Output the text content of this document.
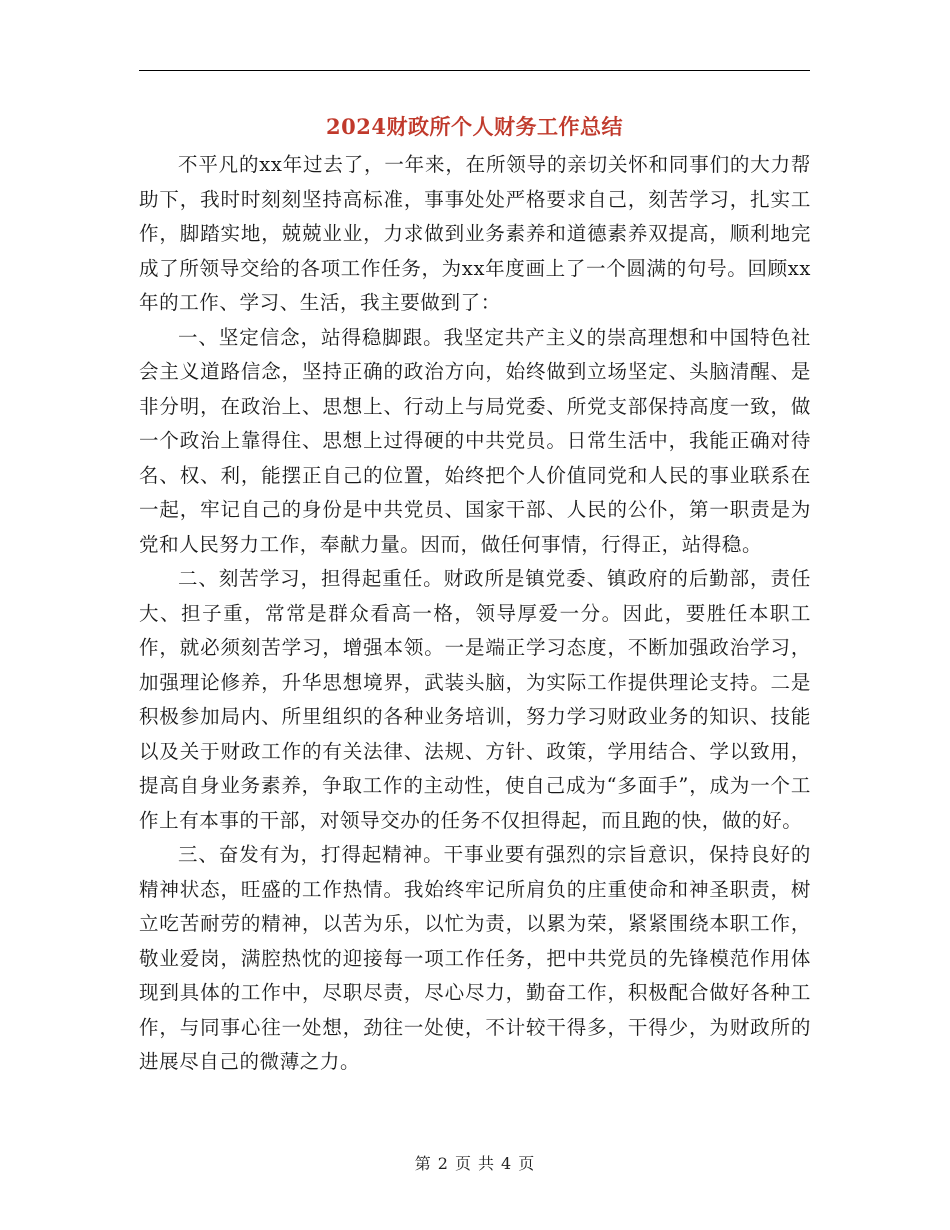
2024财政所个人财务工作总结

不平凡的xx年过去了，一年来，在所领导的亲切关怀和同事们的大力帮助下，我时时刻刻坚持高标准，事事处处严格要求自己，刻苦学习，扎实工作，脚踏实地，兢兢业业，力求做到业务素养和道德素养双提高，顺利地完成了所领导交给的各项工作任务，为xx年度画上了一个圆满的句号。回顾xx年的工作、学习、生活，我主要做到了：

一、坚定信念，站得稳脚跟。我坚定共产主义的崇高理想和中国特色社会主义道路信念，坚持正确的政治方向，始终做到立场坚定、头脑清醒、是非分明，在政治上、思想上、行动上与局党委、所党支部保持高度一致，做一个政治上靠得住、思想上过得硬的中共党员。日常生活中，我能正确对待名、权、利，能摆正自己的位置，始终把个人价值同党和人民的事业联系在一起，牢记自己的身份是中共党员、国家干部、人民的公仆，第一职责是为党和人民努力工作，奉献力量。因而，做任何事情，行得正，站得稳。

二、刻苦学习，担得起重任。财政所是镇党委、镇政府的后勤部，责任大、担子重，常常是群众看高一格，领导厚爱一分。因此，要胜任本职工作，就必须刻苦学习，增强本领。一是端正学习态度，不断加强政治学习，加强理论修养，升华思想境界，武装头脑，为实际工作提供理论支持。二是积极参加局内、所里组织的各种业务培训，努力学习财政业务的知识、技能以及关于财政工作的有关法律、法规、方针、政策，学用结合、学以致用，提高自身业务素养，争取工作的主动性，使自己成为“多面手”，成为一个工作上有本事的干部，对领导交办的任务不仅担得起，而且跑的快，做的好。

三、奋发有为，打得起精神。干事业要有强烈的宗旨意识，保持良好的精神状态，旺盛的工作热情。我始终牢记所肩负的庄重使命和神圣职责，树立吃苦耐劳的精神，以苦为乐，以忙为责，以累为荣，紧紧围绕本职工作，敬业爱岗，满腔热忱的迎接每一项工作任务，把中共党员的先锋模范作用体现到具体的工作中，尽职尽责，尽心尽力，勤奋工作，积极配合做好各种工作，与同事心往一处想，劲往一处使，不计较干得多，干得少，为财政所的进展尽自己的微薄之力。

第 2 页 共 4 页
